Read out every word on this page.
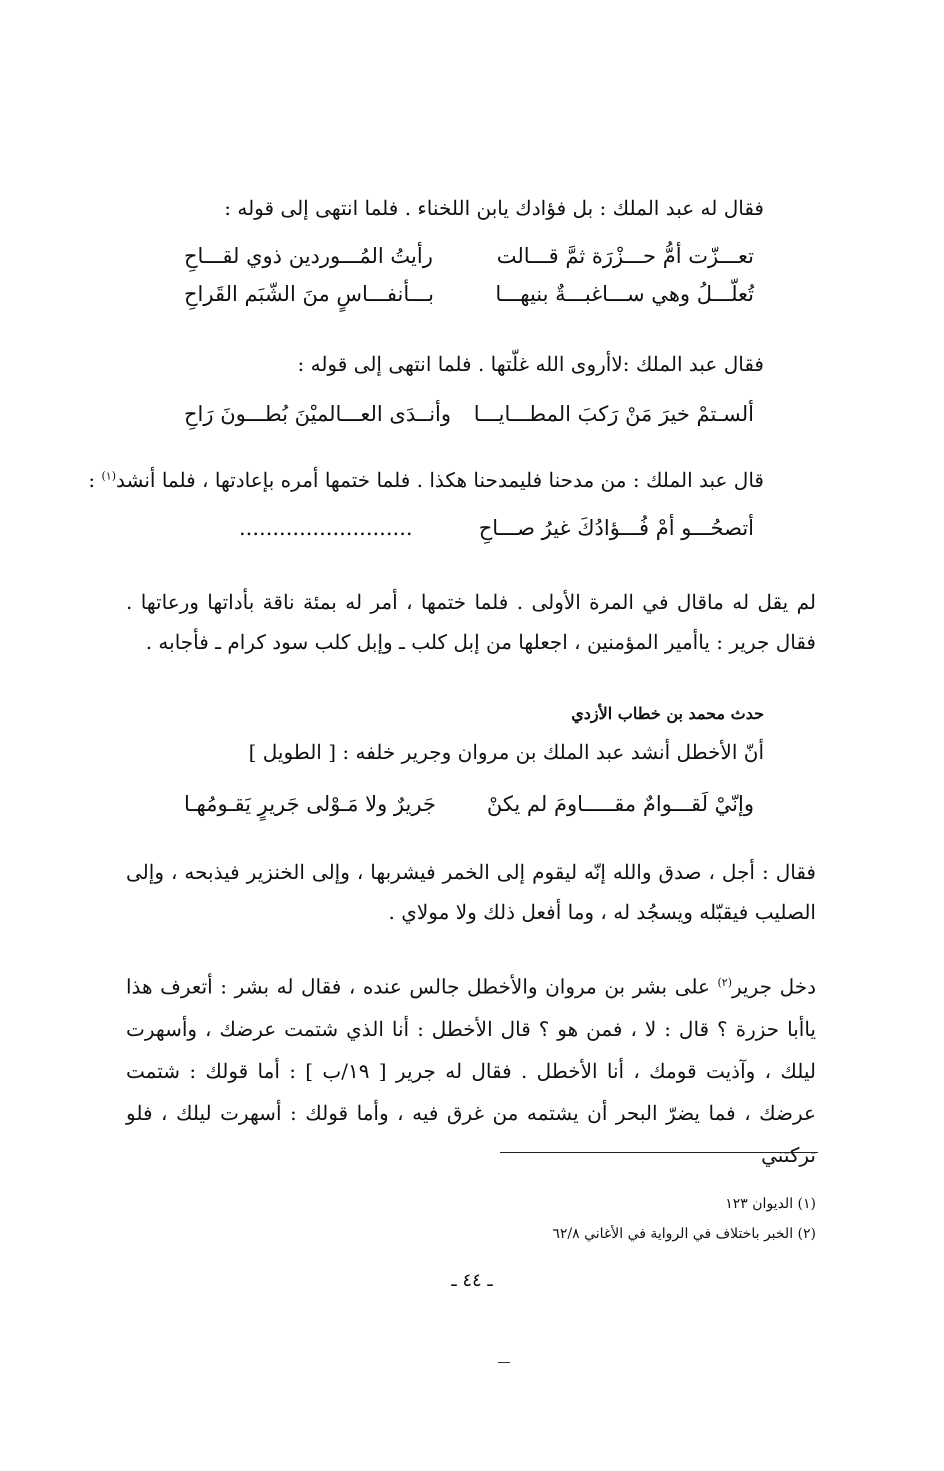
فقال له عبد الملك : بل فؤادك يابن اللخناء . فلما انتهى إلى قوله :
تعـــزّت أمُّ حـــزْرَة ثمَّ قـــالت
رأيتُ المُـــوردين ذوي لقـــاحِ
تُعلّـــلُ وهي ســـاغبـــةٌ بنيهـــا
بـــأنفـــاسٍ منَ الشّبَم القَراحِ
فقال عبد الملك :لاأروى الله غلّتها . فلما انتهى إلى قوله :
ألسـتمْ خيرَ مَنْ رَكبَ المطـــايـــا
وأنــدَى العـــالميْنَ بُطـــونَ رَاحِ
قال عبد الملك : من مدحنا فليمدحنا هكذا . فلما ختمها أمره بإعادتها ، فلما أنشد$^{(١)}$ :
أتصحُـــو أمْ فُـــؤادُكَ غيرُ صـــاحِ
..........................
لم يقل له ماقال في المرة الأولى . فلما ختمها ، أمر له بمئة ناقة بأداتها ورعاتها . فقال جرير : ياأمير المؤمنين ، اجعلها من إبل كلب ـ وإبل كلب سود كرام ـ فأجابه .
حدث محمد بن خطاب الأزدي
أنّ الأخطل أنشد عبد الملك بن مروان وجرير خلفه : [ الطويل ]
وإنّيْ لَقـــوامٌ مقـــــاومَ لم يكنْ
جَريرٌ ولا مَـوْلى جَريرٍ يَقـومُهـا
فقال : أجل ، صدق والله إنّه ليقوم إلى الخمر فيشربها ، وإلى الخنزير فيذبحه ، وإلى الصليب فيقبّله ويسجُد له ، وما أفعل ذلك ولا مولاي .
دخل جرير$^{(٢)}$ على بشر بن مروان والأخطل جالس عنده ، فقال له بشر : أتعرف هذا ياأبا حزرة ؟ قال : لا ، فمن هو ؟ قال الأخطل : أنا الذي شتمت عرضك ، وأسهرت ليلك ، وآذيت قومك ، أنا الأخطل . فقال له جرير [ ١٩/ب ] : أما قولك : شتمت عرضك ، فما يضرّ البحر أن يشتمه من غرق فيه ، وأما قولك : أسهرت ليلك ، فلو تركتني
(١) الديوان ١٢٣
(٢) الخبر باختلاف في الرواية في الأغاني ٦٢/٨
ـ ٤٤ ـ
